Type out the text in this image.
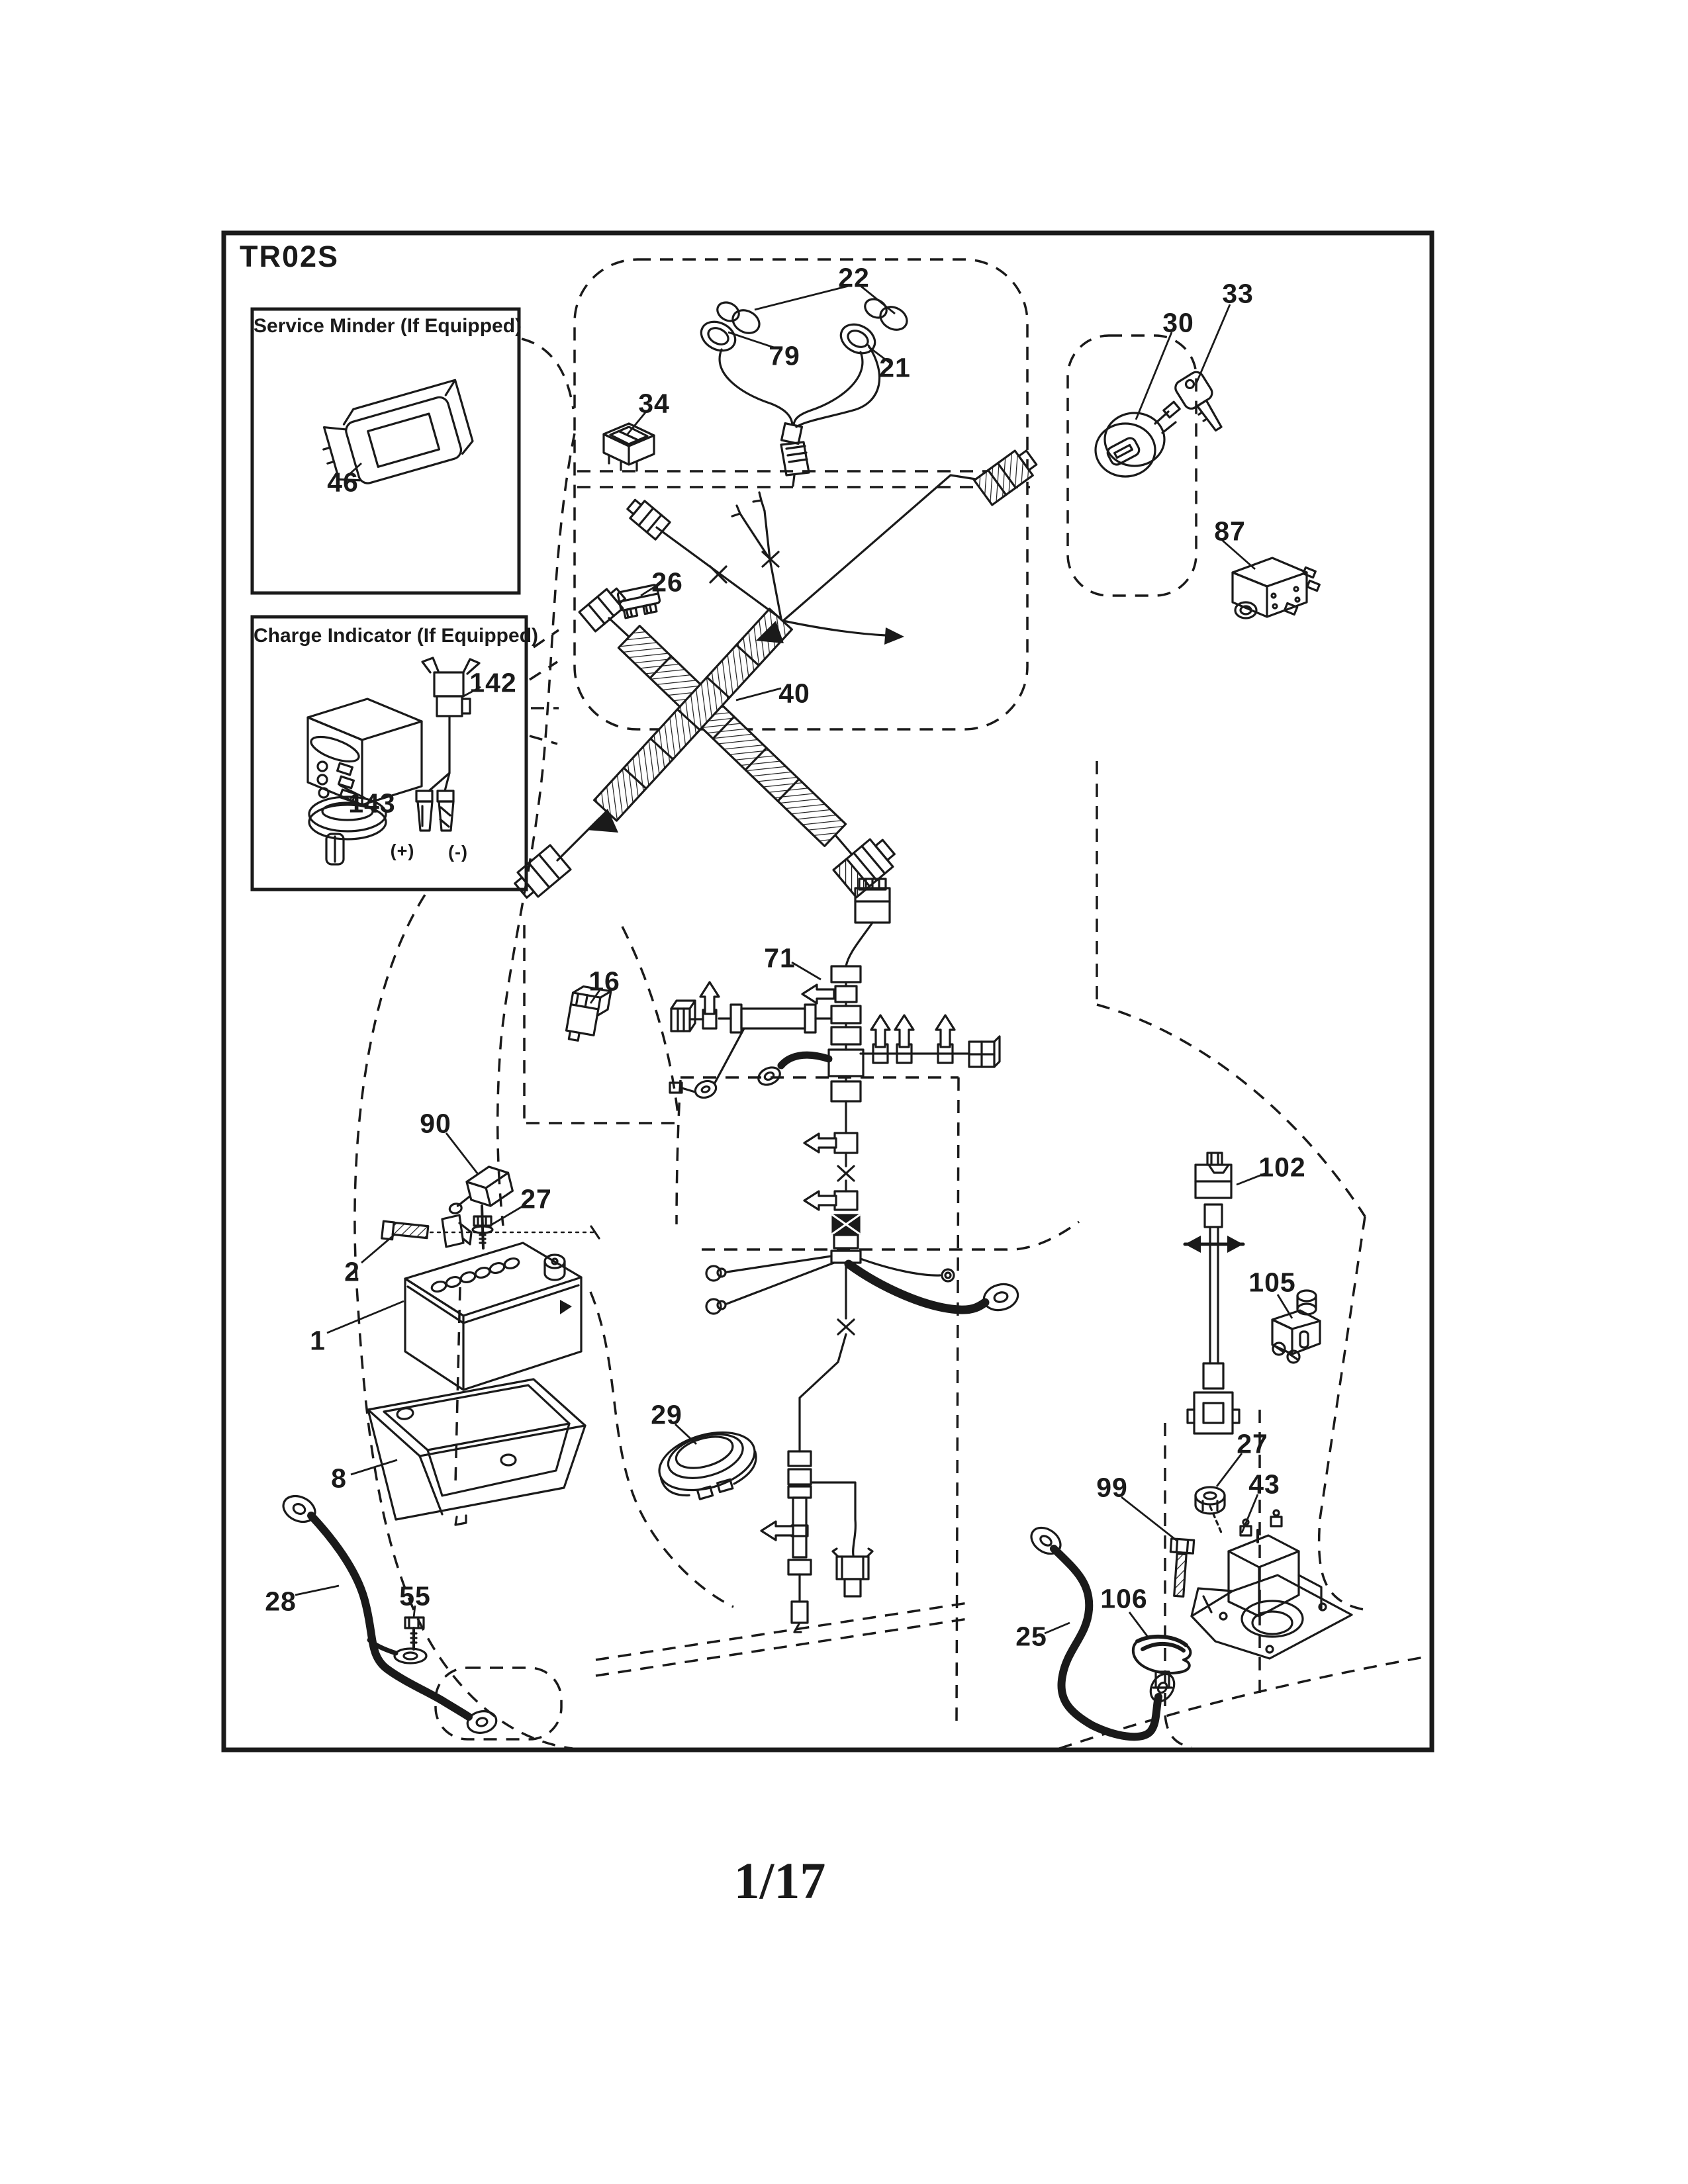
TR02S
Service Minder (If Equipped)
Charge Indicator (If Equipped)
46
143
142
(+) (-)
22
79	21
34
33
30
87
26
40
16
71
90
27
2
1
8
28	55
29
102
105
99
27
43
106
25
1/17
